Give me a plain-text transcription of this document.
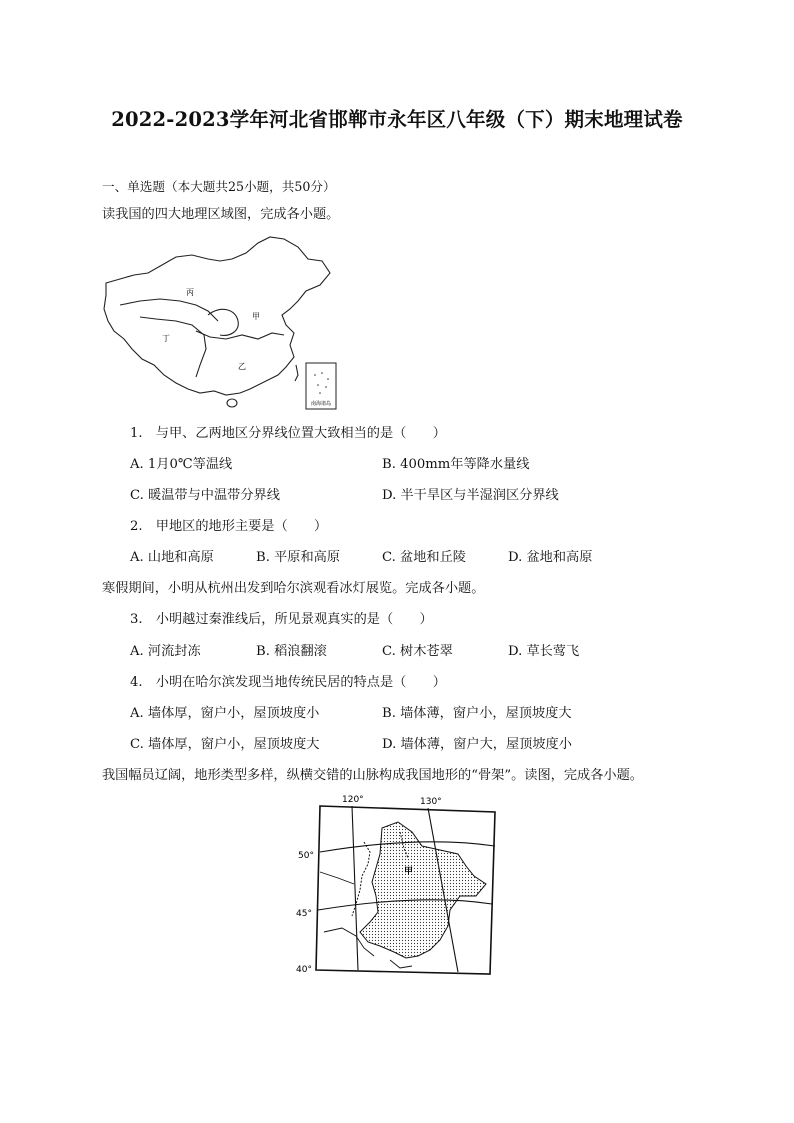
2022-2023学年河北省邯郸市永年区八年级（下）期末地理试卷
一、单选题（本大题共25小题，共50分）
读我国的四大地理区域图，完成各小题。
南海诸岛
丙
甲
丁
乙
1.　与甲、乙两地区分界线位置大致相当的是（　　）
A. 1月0℃等温线	B. 400mm年等降水量线
C. 暖温带与中温带分界线	D. 半干旱区与半湿润区分界线
2.　甲地区的地形主要是（　　）
A. 山地和高原	B. 平原和高原	C. 盆地和丘陵	D. 盆地和高原
寒假期间，小明从杭州出发到哈尔滨观看冰灯展览。完成各小题。
3.　小明越过秦淮线后，所见景观真实的是（　　）
A. 河流封冻	B. 稻浪翻滚	C. 树木苍翠	D. 草长莺飞
4.　小明在哈尔滨发现当地传统民居的特点是（　　）
A. 墙体厚，窗户小，屋顶坡度小	B. 墙体薄，窗户小，屋顶坡度大
C. 墙体厚，窗户小，屋顶坡度大	D. 墙体薄，窗户大，屋顶坡度小
我国幅员辽阔，地形类型多样，纵横交错的山脉构成我国地形的“骨架”。读图，完成各小题。
甲
120°	130°
50°
45°
40°
